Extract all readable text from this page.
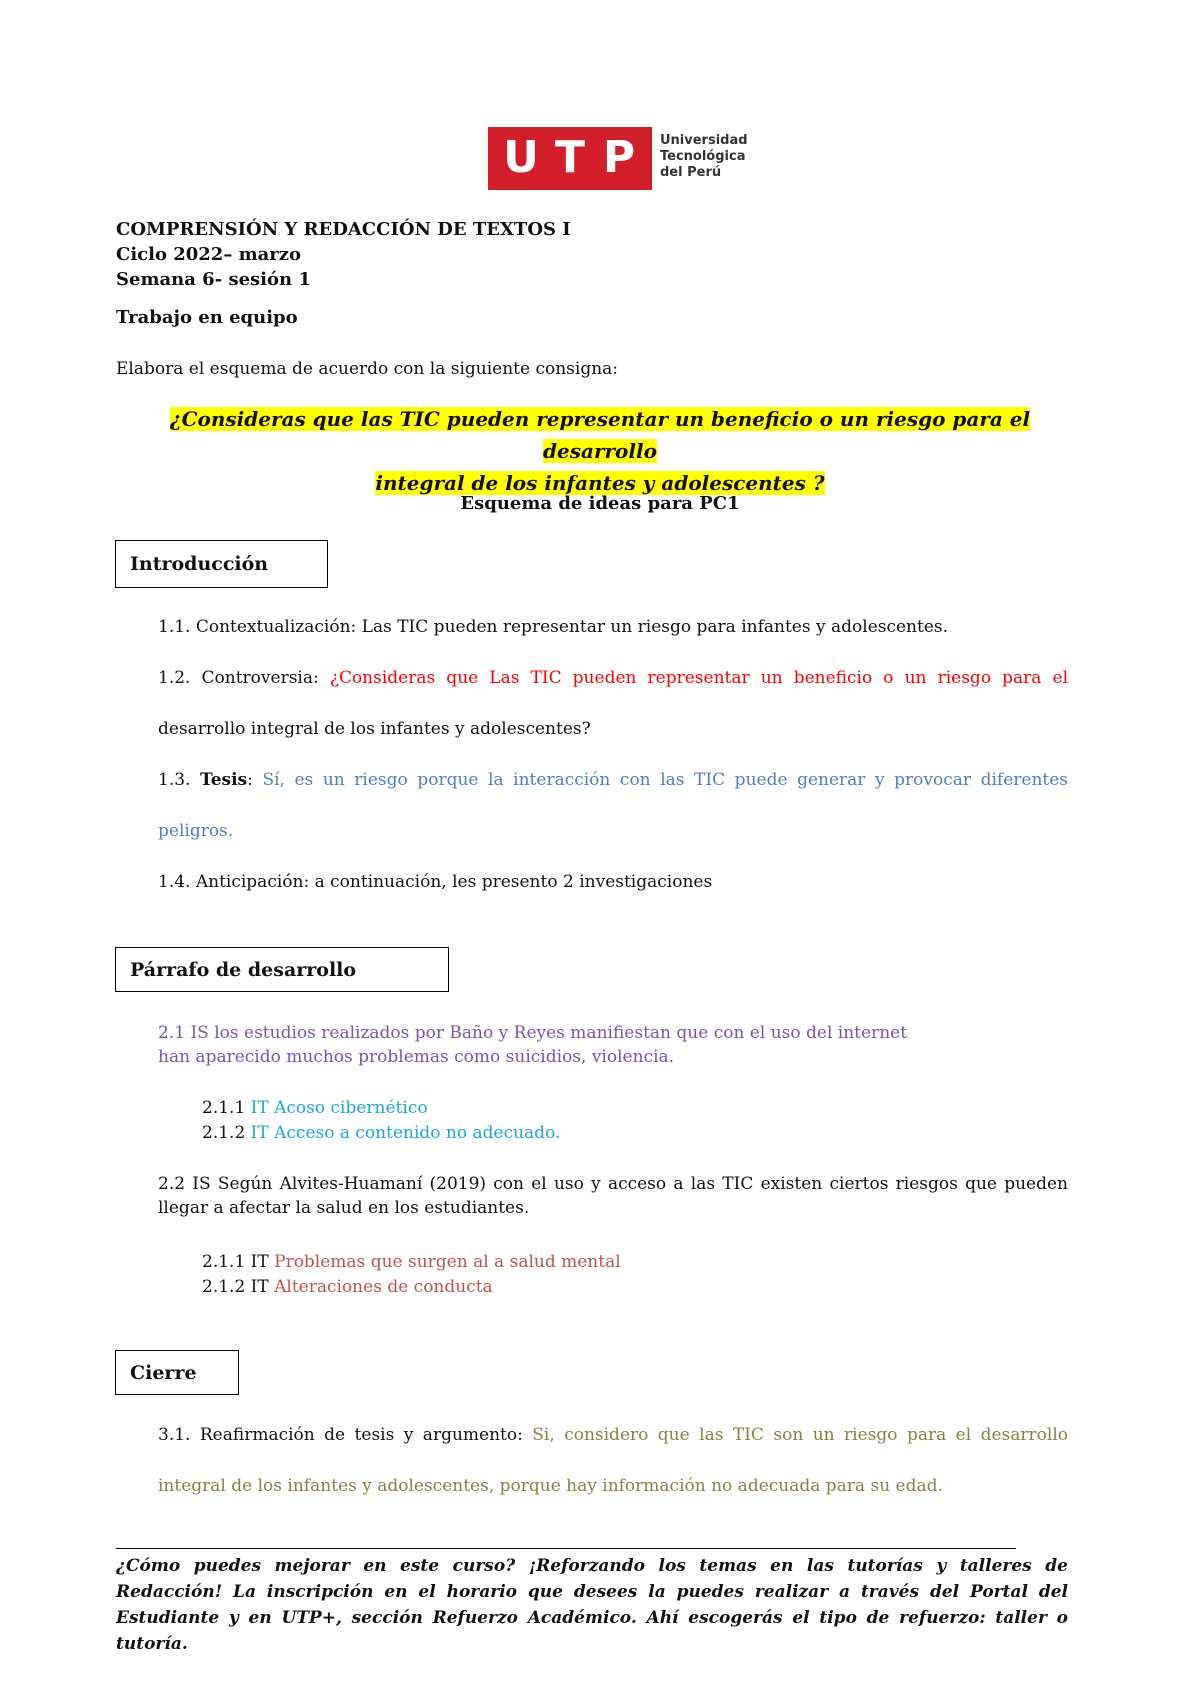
U T P Universidad
Tecnológica
del Perú
COMPRENSIÓN Y REDACCIÓN DE TEXTOS I
Ciclo 2022– marzo
Semana 6- sesión 1
Trabajo en equipo
Elabora el esquema de acuerdo con la siguiente consigna:
¿Consideras que las TIC pueden representar un beneficio o un riesgo para el desarrollo
integral de los infantes y adolescentes ?
Esquema de ideas para PC1
Introducción
1.1. Contextualización: Las TIC pueden representar un riesgo para infantes y adolescentes.
1.2. Controversia: ¿Consideras que Las TIC pueden representar un beneficio o un riesgo para el
desarrollo integral de los infantes y adolescentes?
1.3. Tesis: Sí, es un riesgo porque la interacción con las TIC puede generar y provocar diferentes
peligros.
1.4. Anticipación: a continuación, les presento 2 investigaciones
Párrafo de desarrollo
2.1 IS los estudios realizados por Baño y Reyes manifiestan que con el uso del internet
han aparecido muchos problemas como suicidios, violencia.
2.1.1 IT Acoso cibernético
2.1.2 IT Acceso a contenido no adecuado.
2.2 IS Según Alvites-Huamaní (2019) con el uso y acceso a las TIC existen ciertos riesgos que pueden llegar a afectar la salud en los estudiantes.
2.1.1 IT Problemas que surgen al a salud mental
2.1.2 IT Alteraciones de conducta
Cierre
3.1. Reafirmación de tesis y argumento: Si, considero que las TIC son un riesgo para el desarrollo
integral de los infantes y adolescentes, porque hay información no adecuada para su edad.
¿Cómo puedes mejorar en este curso? ¡Reforzando los temas en las tutorías y talleres de Redacción! La inscripción en el horario que desees la puedes realizar a través del Portal del Estudiante y en UTP+, sección Refuerzo Académico. Ahí escogerás el tipo de refuerzo: taller o tutoría.
